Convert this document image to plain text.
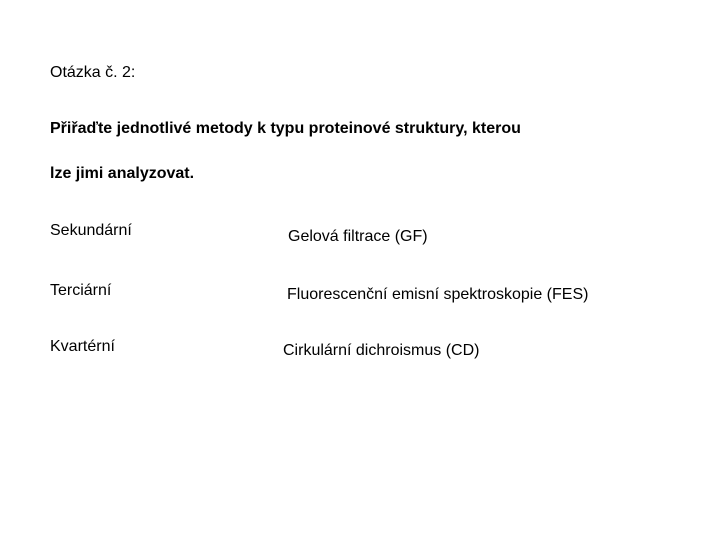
Otázka č. 2:
Přiřaďte jednotlivé metody k typu proteinové struktury, kterou
lze jimi analyzovat.
Sekundární
Terciární
Kvartérní
Gelová filtrace (GF)
Fluorescenční emisní spektroskopie (FES)
Cirkulární dichroismus (CD)
